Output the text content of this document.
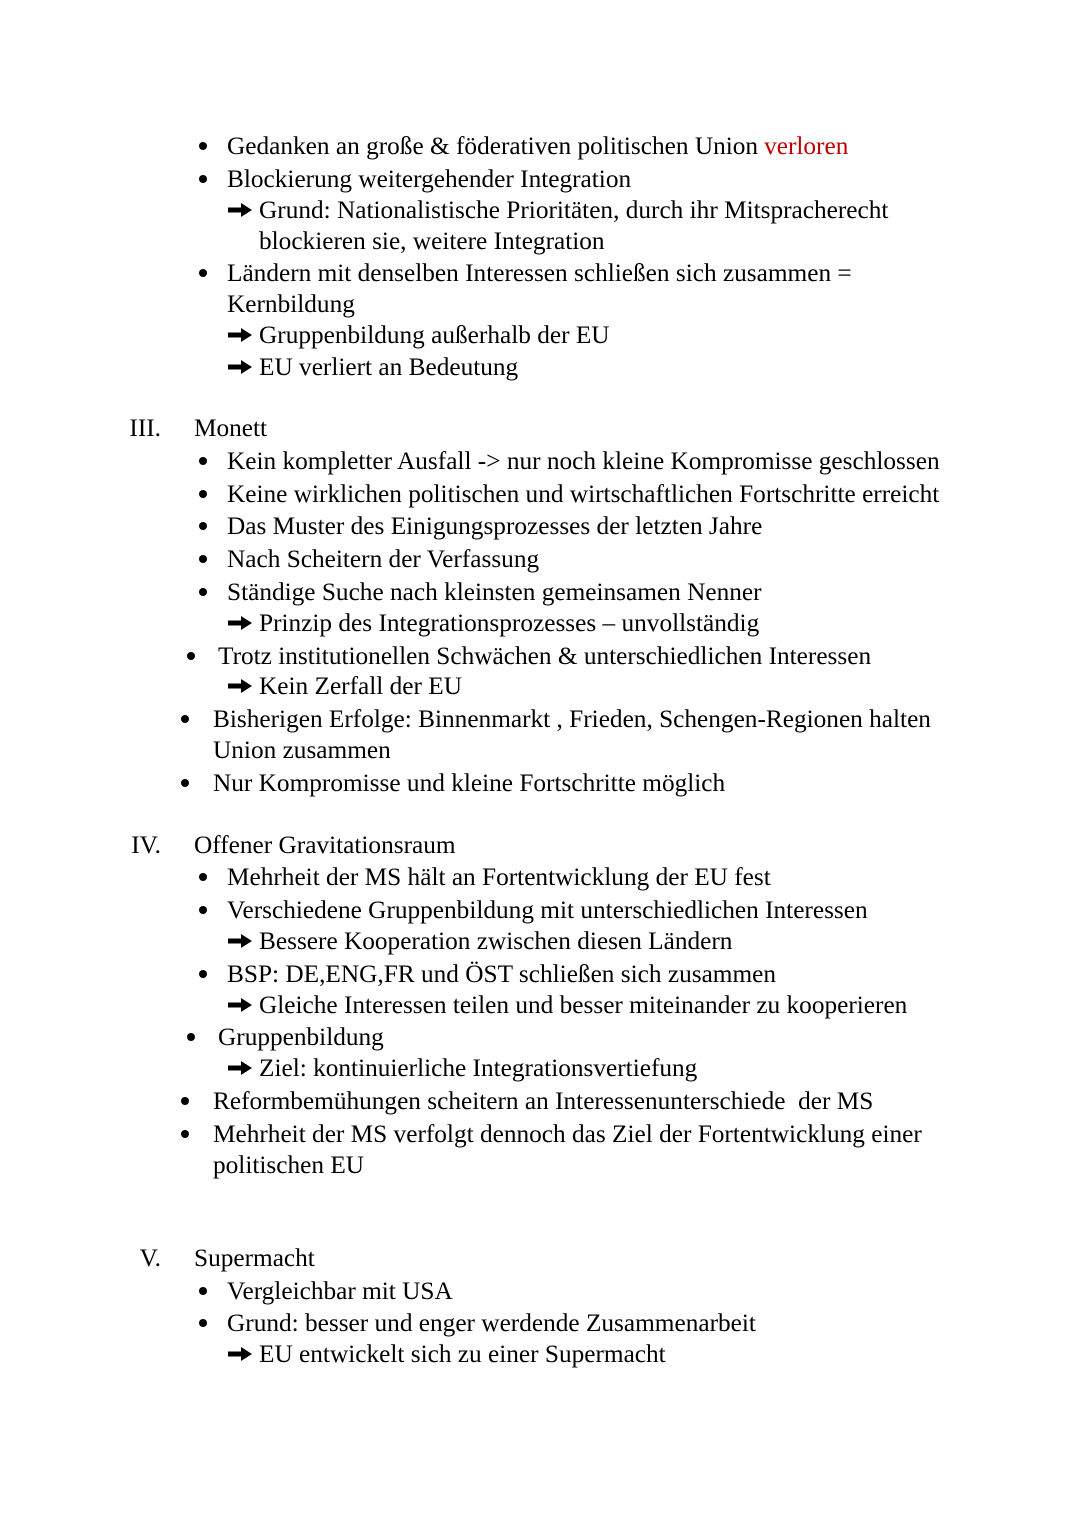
Gedanken an große & föderativen politischen Union verloren
Blockierung weitergehender Integration
Grund: Nationalistische Prioritäten, durch ihr Mitspracherecht
blockieren sie, weitere Integration
Ländern mit denselben Interessen schließen sich zusammen =
Kernbildung
Gruppenbildung außerhalb der EU
EU verliert an Bedeutung
III. Monett
Kein kompletter Ausfall -> nur noch kleine Kompromisse geschlossen
Keine wirklichen politischen und wirtschaftlichen Fortschritte erreicht
Das Muster des Einigungsprozesses der letzten Jahre
Nach Scheitern der Verfassung
Ständige Suche nach kleinsten gemeinsamen Nenner
Prinzip des Integrationsprozesses – unvollständig
Trotz institutionellen Schwächen & unterschiedlichen Interessen
Kein Zerfall der EU
Bisherigen Erfolge: Binnenmarkt , Frieden, Schengen-Regionen halten
Union zusammen
Nur Kompromisse und kleine Fortschritte möglich
IV. Offener Gravitationsraum
Mehrheit der MS hält an Fortentwicklung der EU fest
Verschiedene Gruppenbildung mit unterschiedlichen Interessen
Bessere Kooperation zwischen diesen Ländern
BSP: DE,ENG,FR und ÖST schließen sich zusammen
Gleiche Interessen teilen und besser miteinander zu kooperieren
Gruppenbildung
Ziel: kontinuierliche Integrationsvertiefung
Reformbemühungen scheitern an Interessenunterschiede  der MS
Mehrheit der MS verfolgt dennoch das Ziel der Fortentwicklung einer
politischen EU
V. Supermacht
Vergleichbar mit USA
Grund: besser und enger werdende Zusammenarbeit
EU entwickelt sich zu einer Supermacht
